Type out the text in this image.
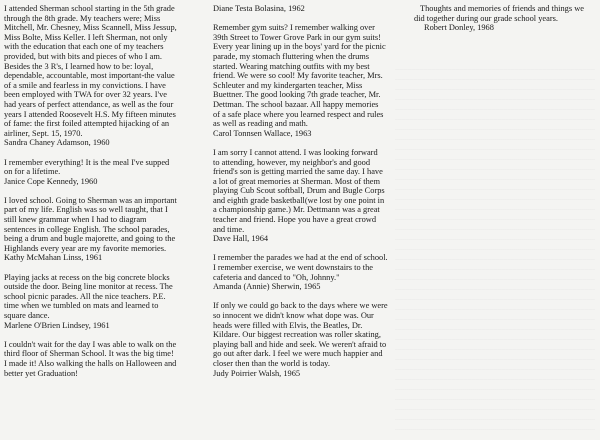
I attended Sherman school starting in the 5th grade
through the 8th grade. My teachers were; Miss
Mitchell, Mr. Chesney, Miss Scannell, Miss Jessup,
Miss Bolte, Miss Keller. I left Sherman, not only
with the education that each one of my teachers
provided, but with bits and pieces of who I am.
Besides the 3 R's, I learned how to be: loyal,
dependable, accountable, most important-the value
of a smile and fearless in my convictions. I have
been employed with TWA for over 32 years. I've
had years of perfect attendance, as well as the four
years I attended Roosevelt H.S. My fifteen minutes
of fame: the first foiled attempted hijacking of an
airliner, Sept. 15, 1970.

Sandra Chaney Adamson, 1960

I remember everything! It is the meal I've supped
on for a lifetime.

Janice Cope Kennedy, 1960

I loved school. Going to Sherman was an important
part of my life. English was so well taught, that I
still knew grammar when I had to diagram
sentences in college English. The school parades,
being a drum and bugle majorette, and going to the
Highlands every year are my favorite memories.

Kathy McMahan Linss, 1961

Playing jacks at recess on the big concrete blocks
outside the door. Being line monitor at recess. The
school picnic parades. All the nice teachers. P.E.
time when we tumbled on mats and learned to
square dance.

Marlene O'Brien Lindsey, 1961

I couldn't wait for the day I was able to walk on the
third floor of Sherman School. It was the big time!
I made it! Also walking the halls on Halloween and
better yet Graduation!

Diane Testa Bolasina, 1962

Remember gym suits? I remember walking over
39th Street to Tower Grove Park in our gym suits!
Every year lining up in the boys' yard for the picnic
parade, my stomach fluttering when the drums
started. Wearing matching outfits with my best
friend. We were so cool! My favorite teacher, Mrs.
Schleuter and my kindergarten teacher, Miss
Buettner. The good looking 7th grade teacher, Mr.
Dettman. The school bazaar. All happy memories
of a safe place where you learned respect and rules
as well as reading and math.

Carol Tonnsen Wallace, 1963

I am sorry I cannot attend. I was looking forward
to attending, however, my neighbor's and good
friend's son is getting married the same day. I have
a lot of great memories at Sherman. Most of them
playing Cub Scout softball, Drum and Bugle Corps
and eighth grade basketball(we lost by one point in
a championship game.) Mr. Dettmann was a great
teacher and friend. Hope you have a great crowd
and time.

Dave Hall, 1964

I remember the parades we had at the end of school.
I remember exercise, we went downstairs to the
cafeteria and danced to "Oh, Johnny."

Amanda (Annie) Sherwin, 1965

If only we could go back to the days where we were
so innocent we didn't know what dope was. Our
heads were filled with Elvis, the Beatles, Dr.
Kildare. Our biggest recreation was roller skating,
playing ball and hide and seek. We weren't afraid to
go out after dark. I feel we were much happier and
closer then than the world is today.

Judy Poirrier Walsh, 1965

Thoughts and memories of friends and things we
did together during our grade school years.

Robert Donley, 1968
